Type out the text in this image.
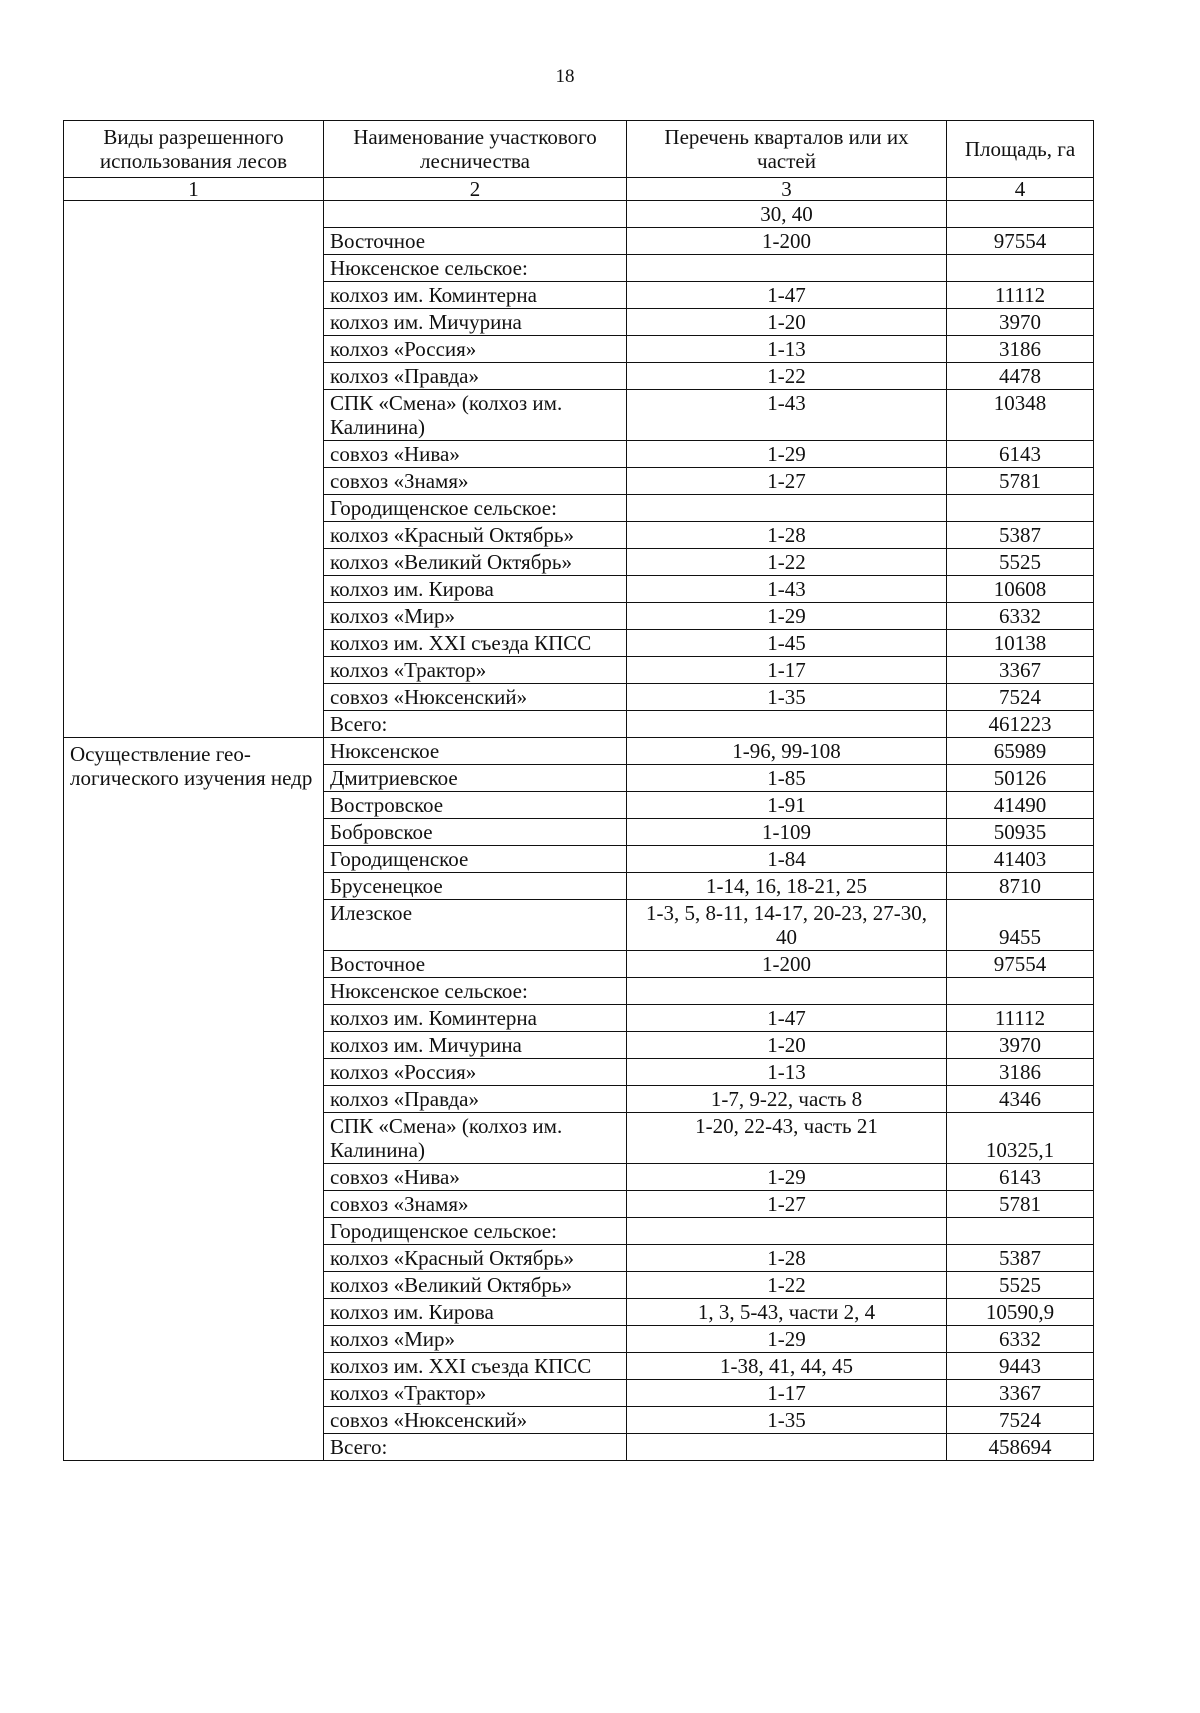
18
Виды разрешенного использования лесов	Наименование участкового лесничества	Перечень кварталов или их частей	Площадь, га
1	2	3	4
		30, 40	
	Восточное	1-200	97554
	Нюксенское сельское:		
	колхоз им. Коминтерна	1-47	11112
	колхоз им. Мичурина	1-20	3970
	колхоз «Россия»	1-13	3186
	колхоз «Правда»	1-22	4478
	СПК «Смена» (колхоз им. Калинина)	1-43	10348
	совхоз «Нива»	1-29	6143
	совхоз «Знамя»	1-27	5781
	Городищенское сельское:		
	колхоз «Красный Октябрь»	1-28	5387
	колхоз «Великий Октябрь»	1-22	5525
	колхоз им. Кирова	1-43	10608
	колхоз «Мир»	1-29	6332
	колхоз им. XXI съезда КПСС	1-45	10138
	колхоз «Трактор»	1-17	3367
	совхоз «Нюксенский»	1-35	7524
	Всего:		461223
Осуществление гео-логического изучения недр	Нюксенское	1-96, 99-108	65989
	Дмитриевское	1-85	50126
	Востровское	1-91	41490
	Бобровское	1-109	50935
	Городищенское	1-84	41403
	Брусенецкое	1-14, 16, 18-21, 25	8710
	Илезское	1-3, 5, 8-11, 14-17, 20-23, 27-30, 40	9455
	Восточное	1-200	97554
	Нюксенское сельское:		
	колхоз им. Коминтерна	1-47	11112
	колхоз им. Мичурина	1-20	3970
	колхоз «Россия»	1-13	3186
	колхоз «Правда»	1-7, 9-22, часть 8	4346
	СПК «Смена» (колхоз им. Калинина)	1-20, 22-43, часть 21	10325,1
	совхоз «Нива»	1-29	6143
	совхоз «Знамя»	1-27	5781
	Городищенское сельское:		
	колхоз «Красный Октябрь»	1-28	5387
	колхоз «Великий Октябрь»	1-22	5525
	колхоз им. Кирова	1, 3, 5-43, части 2, 4	10590,9
	колхоз «Мир»	1-29	6332
	колхоз им. XXI съезда КПСС	1-38, 41, 44, 45	9443
	колхоз «Трактор»	1-17	3367
	совхоз «Нюксенский»	1-35	7524
	Всего:		458694
